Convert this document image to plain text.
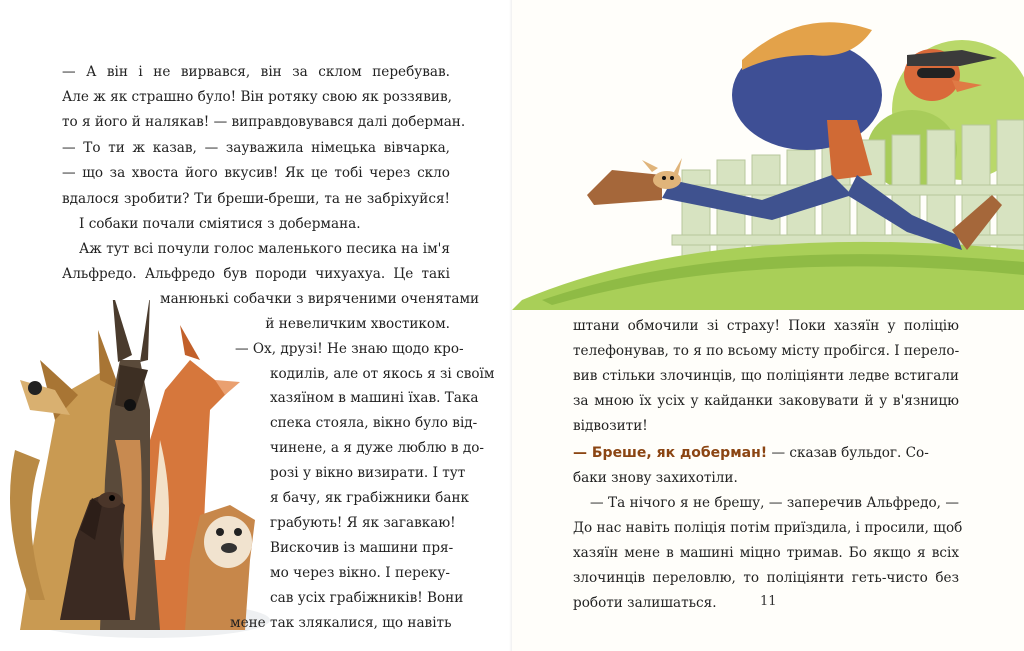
— А він і не вирвався, він за склом перебував.
Але ж як страшно було! Він ротяку свою як роззявив,
то я його й налякав! — виправдовувався далі доберман.
— То ти ж казав, — зауважила німецька вівчарка,
— що за хвоста його вкусив! Як це тобі через скло
вдалося зробити? Ти бреши-бреши, та не забріхуйся!
І собаки почали сміятися з добермана.
Аж тут всі почули голос маленького песика на ім'я
Альфредо. Альфредо був породи чихуахуа. Це такі
манюнькі собачки з виряченими оченятами
й невеличким хвостиком.
— Ох, друзі! Не знаю щодо кро-
кодилів, але от якось я зі своїм
хазяїном в машині їхав. Така
спека стояла, вікно було від-
чинене, а я дуже люблю в до-
розі у вікно визирати. І тут
я бачу, як грабіжники банк
грабують! Я як загавкаю!
Вискочив із машини пря-
мо через вікно. І переку-
сав усіх грабіжників! Вони
мене так злякалися, що навіть
штани обмочили зі страху! Поки хазяїн у поліцію
телефонував, то я по всьому місту пробігся. І перело-
вив стільки злочинців, що поліціянти ледве встигали
за мною їх усіх у кайданки заковувати й у в'язницю
відвозити!
— Бреше, як доберман! — сказав бульдог. Со-
баки знову захихотіли.
— Та нічого я не брешу, — заперечив Альфредо, —
До нас навіть поліція потім приїздила, і просили, щоб
хазяїн мене в машині міцно тримав. Бо якщо я всіх
злочинців переловлю, то поліціянти геть-чисто без
роботи залишаться.	11
